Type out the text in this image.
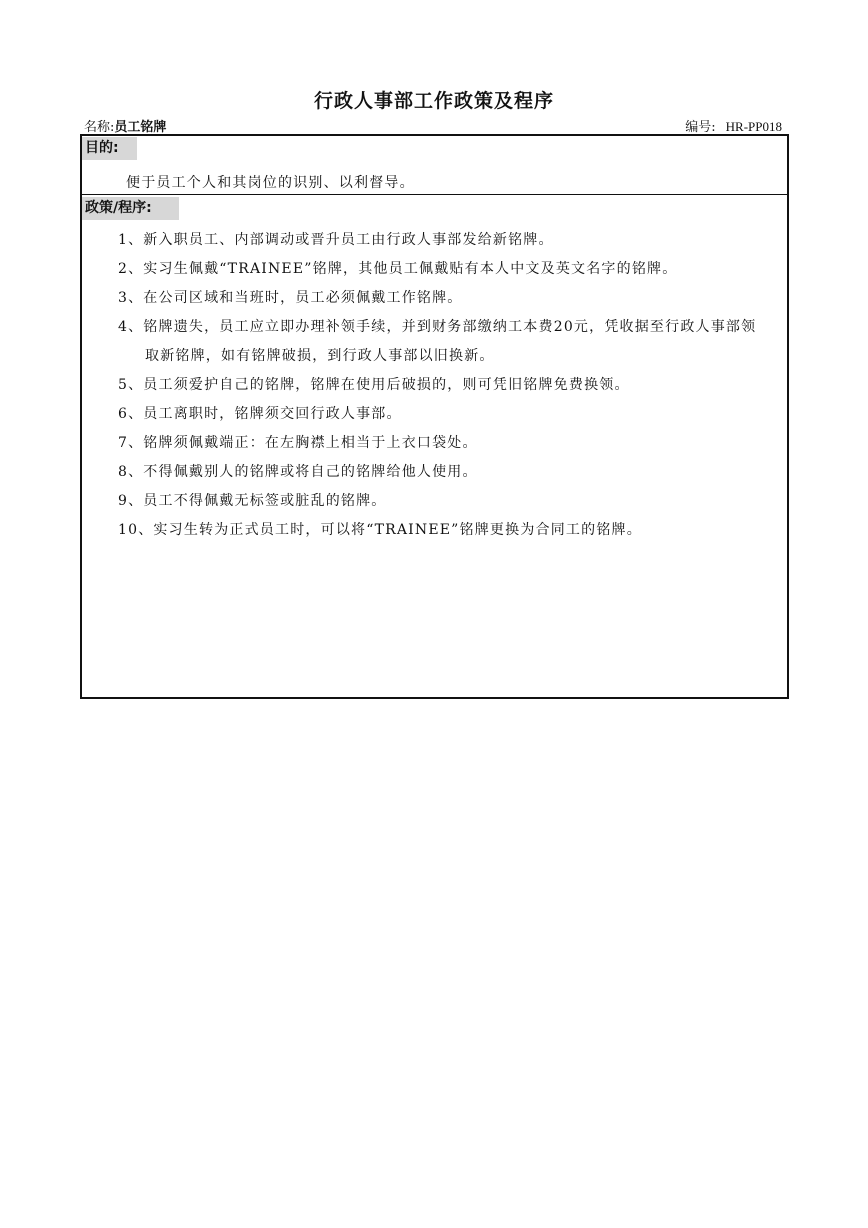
行政人事部工作政策及程序
名称:员工铭牌	编号: HR-PP018
目的:
便于员工个人和其岗位的识别、以利督导。
政策/程序:
1、新入职员工、内部调动或晋升员工由行政人事部发给新铭牌。
2、实习生佩戴“TRAINEE”铭牌，其他员工佩戴贴有本人中文及英文名字的铭牌。
3、在公司区域和当班时，员工必须佩戴工作铭牌。
4、铭牌遗失，员工应立即办理补领手续，并到财务部缴纳工本费20元，凭收据至行政人事部领取新铭牌，如有铭牌破损，到行政人事部以旧换新。
5、员工须爱护自己的铭牌，铭牌在使用后破损的，则可凭旧铭牌免费换领。
6、员工离职时，铭牌须交回行政人事部。
7、铭牌须佩戴端正：在左胸襟上相当于上衣口袋处。
8、不得佩戴别人的铭牌或将自己的铭牌给他人使用。
9、员工不得佩戴无标签或脏乱的铭牌。
10、实习生转为正式员工时，可以将“TRAINEE”铭牌更换为合同工的铭牌。
